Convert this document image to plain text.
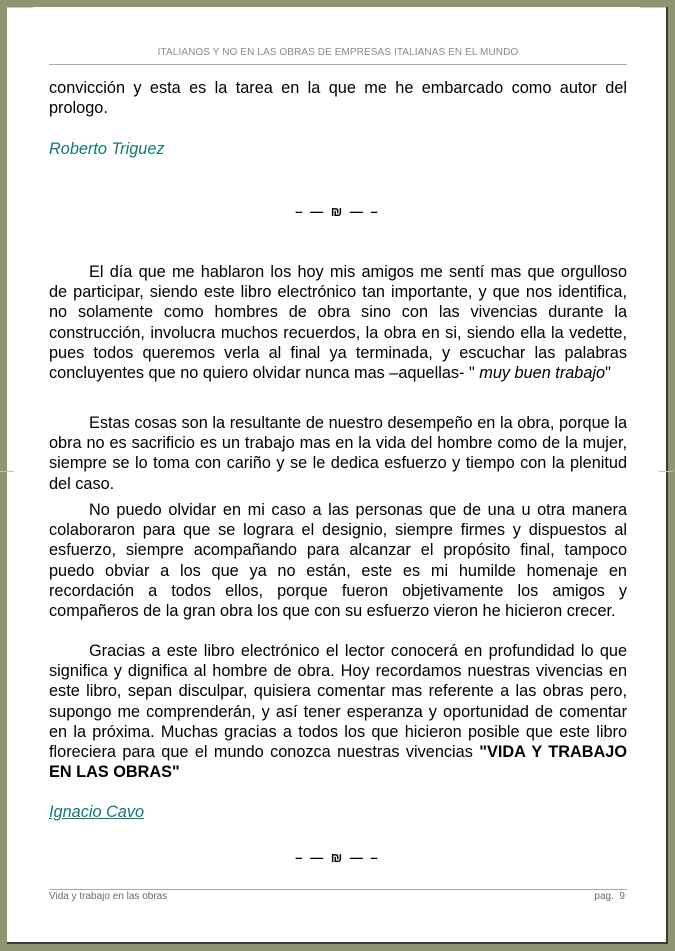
ITALIANOS Y NO EN LAS OBRAS DE EMPRESAS ITALIANAS EN EL MUNDO
convicción y esta es la tarea en la que me he embarcado como autor del prologo.
Roberto Triguez
– — ₪ — –
El día que me hablaron los hoy mis amigos me sentí mas que orgulloso de participar, siendo este libro electrónico tan importante, y que nos identifica, no solamente como hombres de obra sino con las vivencias durante la construcción, involucra muchos recuerdos, la obra en si, siendo ella la vedette, pues todos queremos verla al final ya terminada, y escuchar las palabras concluyentes que no quiero olvidar nunca mas –aquellas- " muy buen trabajo"
Estas cosas son la resultante de nuestro desempeño en la obra, porque la obra no es sacrificio es un trabajo mas en la vida del hombre como de la mujer, siempre se lo toma con cariño y se le dedica esfuerzo y tiempo con la plenitud del caso.
No puedo olvidar en mi caso a las personas que de una u otra manera colaboraron para que se lograra el designio, siempre firmes y dispuestos al esfuerzo, siempre acompañando para alcanzar el propósito final, tampoco puedo obviar a los que ya no están, este es mi humilde homenaje en recordación a todos ellos, porque fueron objetivamente los amigos y compañeros de la gran obra los que con su esfuerzo vieron he hicieron crecer.
Gracias a este libro electrónico el lector conocerá en profundidad lo que significa y dignifica al hombre de obra. Hoy recordamos nuestras vivencias en este libro, sepan disculpar, quisiera comentar mas referente a las obras pero, supongo me comprenderán, y así tener esperanza y oportunidad de comentar en la próxima. Muchas gracias a todos los que hicieron posible que este libro floreciera para que el mundo conozca nuestras vivencias "VIDA Y TRABAJO EN LAS OBRAS"
Ignacio Cavo
– — ₪ — –
Vida y trabajo en las obras	pag.  9
